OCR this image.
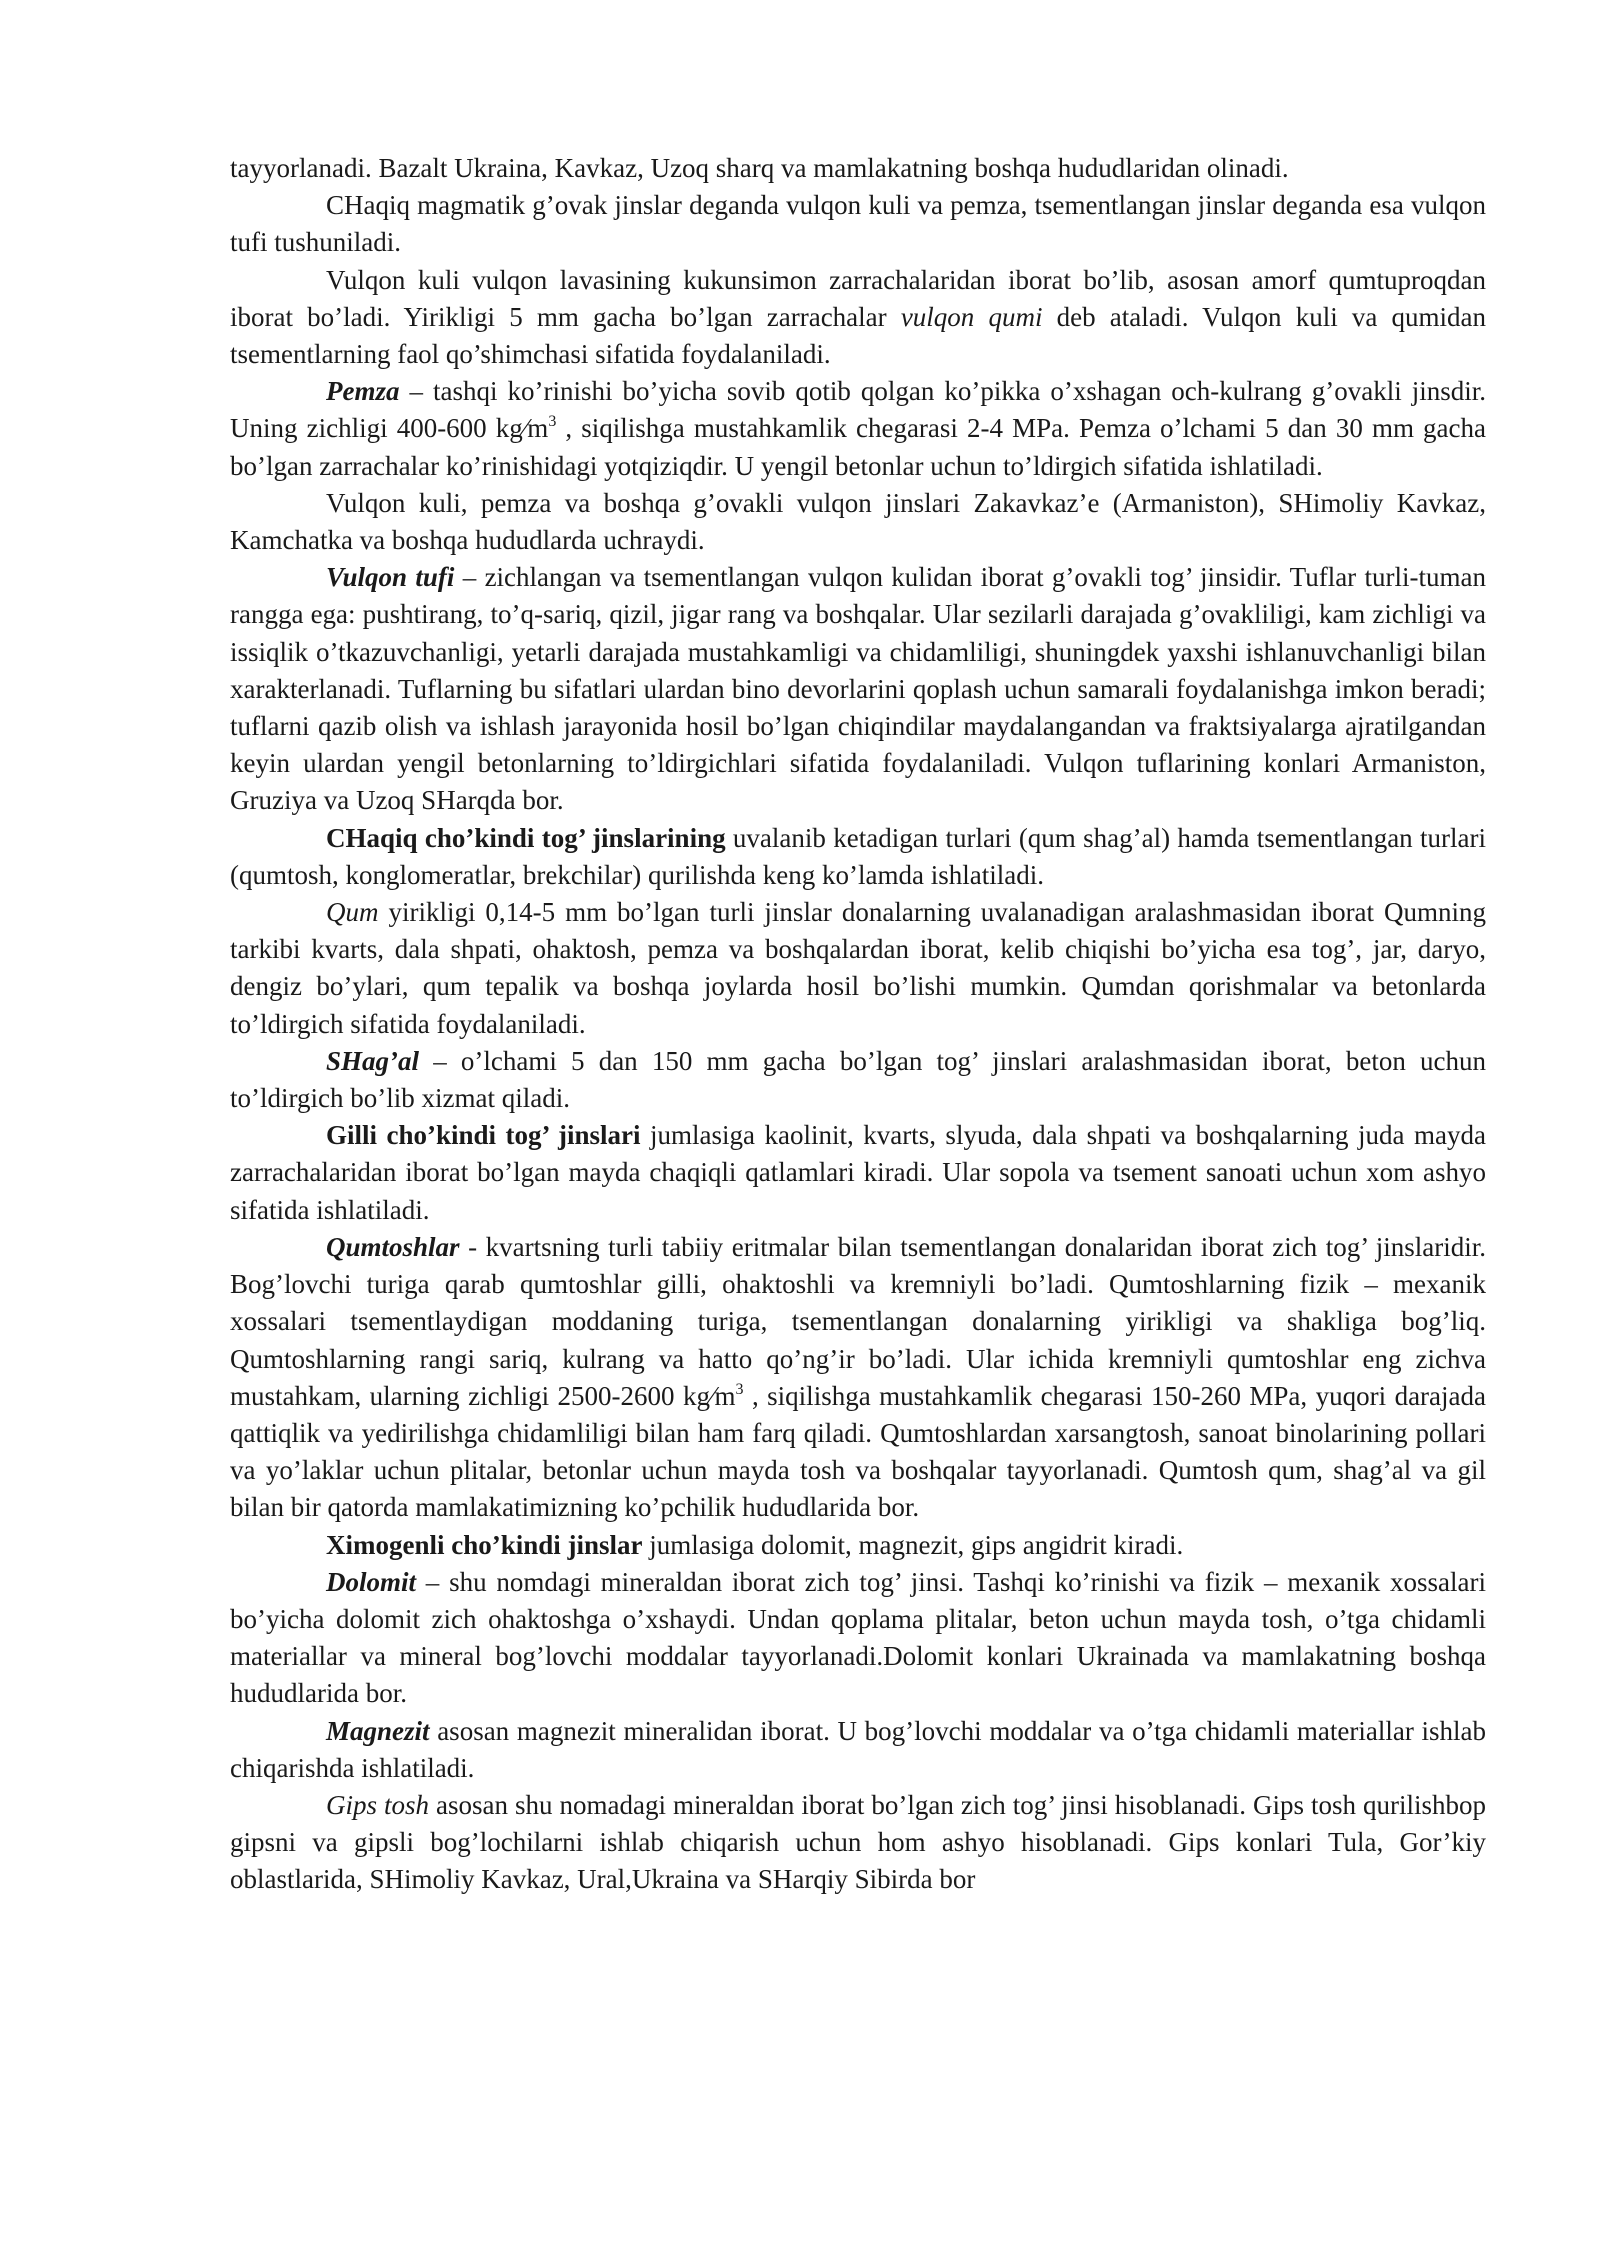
tayyorlanadi. Bazalt Ukraina, Kavkaz, Uzoq sharq va mamlakatning boshqa hududlaridan olinadi.

CHaqiq magmatik g’ovak jinslar deganda vulqon kuli va pemza, tsementlangan jinslar deganda esa vulqon tufi tushuniladi.

Vulqon kuli vulqon lavasining kukunsimon zarrachalaridan iborat bo’lib, asosan amorf qumtuproqdan iborat bo’ladi. Yirikligi 5 mm gacha bo’lgan zarrachalar vulqon qumi deb ataladi. Vulqon kuli va qumidan tsementlarning faol qo’shimchasi sifatida foydalaniladi.

Pemza – tashqi ko’rinishi bo’yicha sovib qotib qolgan ko’pikka o’xshagan och-kulrang g’ovakli jinsdir. Uning zichligi 400-600 $kg⁄m^3$ , siqilishga mustahkamlik chegarasi 2-4 MPa. Pemza o’lchami 5 dan 30 mm gacha bo’lgan zarrachalar ko’rinishidagi yotqiziqdir. U yengil betonlar uchun to’ldirgich sifatida ishlatiladi.

Vulqon kuli, pemza va boshqa g’ovakli vulqon jinslari Zakavkaz’e (Armaniston), SHimoliy Kavkaz, Kamchatka va boshqa hududlarda uchraydi.

Vulqon tufi – zichlangan va tsementlangan vulqon kulidan iborat g’ovakli tog’ jinsidir. Tuflar turli-tuman rangga ega: pushtirang, to’q-sariq, qizil, jigar rang va boshqalar. Ular sezilarli darajada g’ovakliligi, kam zichligi va issiqlik o’tkazuvchanligi, yetarli darajada mustahkamligi va chidamliligi, shuningdek yaxshi ishlanuvchanligi bilan xarakterlanadi. Tuflarning bu sifatlari ulardan bino devorlarini qoplash uchun samarali foydalanishga imkon beradi; tuflarni qazib olish va ishlash jarayonida hosil bo’lgan chiqindilar maydalangandan va fraktsiyalarga ajratilgandan keyin ulardan yengil betonlarning to’ldirgichlari sifatida foydalaniladi. Vulqon tuflarining konlari Armaniston, Gruziya va Uzoq SHarqda bor.

CHaqiq cho’kindi tog’ jinslarining uvalanib ketadigan turlari (qum shag’al) hamda tsementlangan turlari (qumtosh, konglomeratlar, brekchilar) qurilishda keng ko’lamda ishlatiladi.

Qum yirikligi 0,14-5 mm bo’lgan turli jinslar donalarning uvalanadigan aralashmasidan iborat Qumning tarkibi kvarts, dala shpati, ohaktosh, pemza va boshqalardan iborat, kelib chiqishi bo’yicha esa tog’, jar, daryo, dengiz bo’ylari, qum tepalik va boshqa joylarda hosil bo’lishi mumkin. Qumdan qorishmalar va betonlarda to’ldirgich sifatida foydalaniladi.

SHag’al – o’lchami 5 dan 150 mm gacha bo’lgan tog’ jinslari aralashmasidan iborat, beton uchun to’ldirgich bo’lib xizmat qiladi.

Gilli cho’kindi tog’ jinslari jumlasiga kaolinit, kvarts, slyuda, dala shpati va boshqalarning juda mayda zarrachalaridan iborat bo’lgan mayda chaqiqli qatlamlari kiradi. Ular sopola va tsement sanoati uchun xom ashyo sifatida ishlatiladi.

Qumtoshlar - kvartsning turli tabiiy eritmalar bilan tsementlangan donalaridan iborat zich tog’ jinslaridir. Bog’lovchi turiga qarab qumtoshlar gilli, ohaktoshli va kremniyli bo’ladi. Qumtoshlarning fizik – mexanik xossalari tsementlaydigan moddaning turiga, tsementlangan donalarning yirikligi va shakliga bog’liq. Qumtoshlarning rangi sariq, kulrang va hatto qo’ng’ir bo’ladi. Ular ichida kremniyli qumtoshlar eng zichva mustahkam, ularning zichligi 2500-2600 $kg⁄m^3$ , siqilishga mustahkamlik chegarasi 150-260 MPa, yuqori darajada qattiqlik va yedirilishga chidamliligi bilan ham farq qiladi. Qumtoshlardan xarsangtosh, sanoat binolarining pollari va yo’laklar uchun plitalar, betonlar uchun mayda tosh va boshqalar tayyorlanadi. Qumtosh qum, shag’al va gil bilan bir qatorda mamlakatimizning ko’pchilik hududlarida bor.

Ximogenli cho’kindi jinslar jumlasiga dolomit, magnezit, gips angidrit kiradi.

Dolomit – shu nomdagi mineraldan iborat zich tog’ jinsi. Tashqi ko’rinishi va fizik – mexanik xossalari bo’yicha dolomit zich ohaktoshga o’xshaydi. Undan qoplama plitalar, beton uchun mayda tosh, o’tga chidamli materiallar va mineral bog’lovchi moddalar tayyorlanadi.Dolomit konlari Ukrainada va mamlakatning boshqa hududlarida bor.

Magnezit asosan magnezit mineralidan iborat. U bog’lovchi moddalar va o’tga chidamli materiallar ishlab chiqarishda ishlatiladi.

Gips tosh asosan shu nomadagi mineraldan iborat bo’lgan zich tog’ jinsi hisoblanadi. Gips tosh qurilishbop gipsni va gipsli bog’lochilarni ishlab chiqarish uchun hom ashyo hisoblanadi. Gips konlari Tula, Gor’kiy oblastlarida, SHimoliy Kavkaz, Ural,Ukraina va SHarqiy Sibirda bor
